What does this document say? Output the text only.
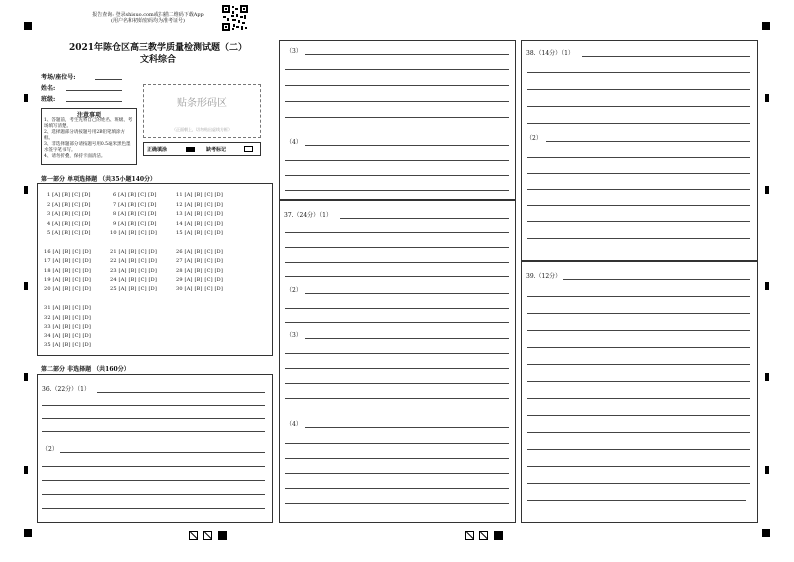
报告查询: 登录shisuo.com或扫描二维码下载App
(用户名和初始密码均为准考证号)
2021年陈仓区高三教学质量检测试题（二）
文科综合
考场/座位号:
姓名:
班级:	贴条形码区
（正面朝上，切勿贴出虚线方框）
注意事项
1、答题前，考生先将自己的姓名、班级、考场填写清楚。
2、选择题部分请按题号用2B铅笔填涂方框。
3、非选择题部分请按题号用0.5毫米黑色墨水签字笔书写。
4、请勿折叠，保持卡面清洁。
正确填涂	缺考标记
第一部分 单项选择题 （共35小题140分）
1 [A] [B] [C] [D]	6 [A] [B] [C] [D]	11 [A] [B] [C] [D]
2 [A] [B] [C] [D]	7 [A] [B] [C] [D]	12 [A] [B] [C] [D]
3 [A] [B] [C] [D]	8 [A] [B] [C] [D]	13 [A] [B] [C] [D]
4 [A] [B] [C] [D]	9 [A] [B] [C] [D]	14 [A] [B] [C] [D]
5 [A] [B] [C] [D]	10 [A] [B] [C] [D]	15 [A] [B] [C] [D]
16 [A] [B] [C] [D]	21 [A] [B] [C] [D]	26 [A] [B] [C] [D]
17 [A] [B] [C] [D]	22 [A] [B] [C] [D]	27 [A] [B] [C] [D]
18 [A] [B] [C] [D]	23 [A] [B] [C] [D]	28 [A] [B] [C] [D]
19 [A] [B] [C] [D]	24 [A] [B] [C] [D]	29 [A] [B] [C] [D]
20 [A] [B] [C] [D]	25 [A] [B] [C] [D]	30 [A] [B] [C] [D]
31 [A] [B] [C] [D]
32 [A] [B] [C] [D]
33 [A] [B] [C] [D]
34 [A] [B] [C] [D]
35 [A] [B] [C] [D]
第二部分 非选择题 （共160分）
36.（22分）（1）
（2）
（3）
（4）
37.（24分）（1）
（2）
（3）
（4）
38.（14分）（1）
（2）
39.（12分）
